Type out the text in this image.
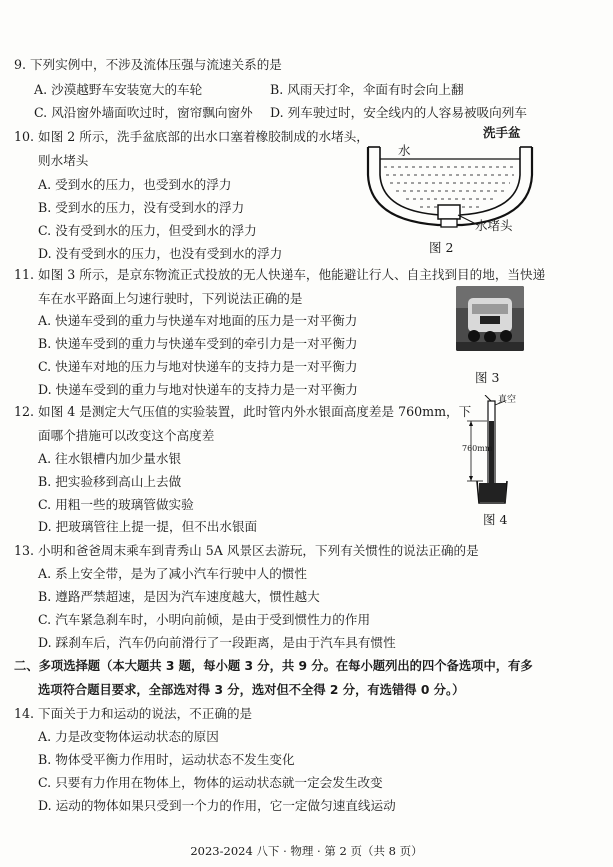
9. 下列实例中，不涉及流体压强与流速关系的是
A. 沙漠越野车安装宽大的车轮	B. 风雨天打伞，伞面有时会向上翻
C. 风沿窗外墙面吹过时，窗帘飘向窗外 D. 列车驶过时，安全线内的人容易被吸向列车
10. 如图 2 所示，洗手盆底部的出水口塞着橡胶制成的水堵头，
则水堵头
A. 受到水的压力，也受到水的浮力
B. 受到水的压力，没有受到水的浮力
C. 没有受到水的压力，但受到水的浮力
D. 没有受到水的压力，也没有受到水的浮力
洗手盆
水
水堵头
图 2
11. 如图 3 所示，是京东物流正式投放的无人快递车，他能避让行人、自主找到目的地，当快递
车在水平路面上匀速行驶时，下列说法正确的是
A. 快递车受到的重力与快递车对地面的压力是一对平衡力
B. 快递车受到的重力与快递车受到的牵引力是一对平衡力
C. 快递车对地的压力与地对快递车的支持力是一对平衡力
D. 快递车受到的重力与地对快递车的支持力是一对平衡力
图 3
12. 如图 4 是测定大气压值的实验装置，此时管内外水银面高度差是 760mm，下
面哪个措施可以改变这个高度差
A. 往水银槽内加少量水银
B. 把实验移到高山上去做
C. 用粗一些的玻璃管做实验
D. 把玻璃管往上提一提，但不出水银面
真空
760mm
图 4
13. 小明和爸爸周末乘车到青秀山 5A 风景区去游玩，下列有关惯性的说法正确的是
A. 系上安全带，是为了减小汽车行驶中人的惯性
B. 遵路严禁超速，是因为汽车速度越大，惯性越大
C. 汽车紧急刹车时，小明向前倾，是由于受到惯性力的作用
D. 踩刹车后，汽车仍向前滑行了一段距离，是由于汽车具有惯性
二、多项选择题（本大题共 3 题，每小题 3 分，共 9 分。在每小题列出的四个备选项中，有多
选项符合题目要求，全部选对得 3 分，选对但不全得 2 分，有选错得 0 分。）
14. 下面关于力和运动的说法，不正确的是
A. 力是改变物体运动状态的原因
B. 物体受平衡力作用时，运动状态不发生变化
C. 只要有力作用在物体上，物体的运动状态就一定会发生改变
D. 运动的物体如果只受到一个力的作用，它一定做匀速直线运动
2023-2024 八下 · 物理 · 第 2 页（共 8 页）
